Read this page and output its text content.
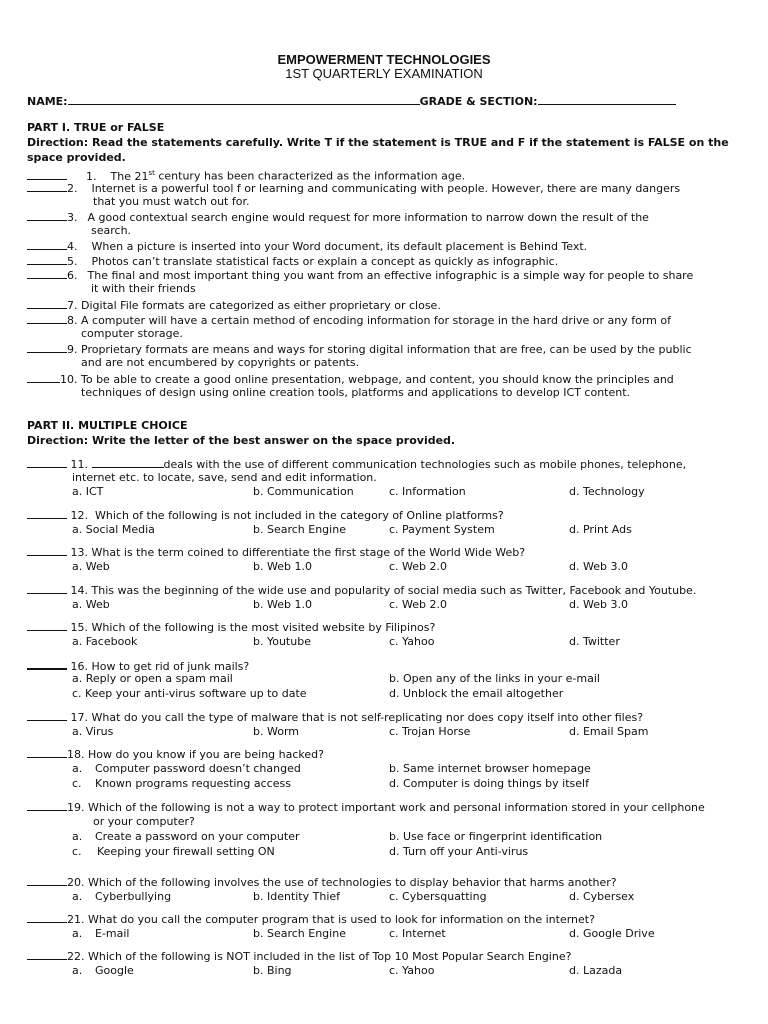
EMPOWERMENT TECHNOLOGIES
1ST QUARTERLY EXAMINATION
NAME:	GRADE & SECTION:
PART I. TRUE or FALSE
Direction: Read the statements carefully. Write T if the statement is TRUE and F if the statement is FALSE on the space provided.
1. The 21st century has been characterized as the information age.
2. Internet is a powerful tool f or learning and communicating with people. However, there are many dangers
that you must watch out for.
3. A good contextual search engine would request for more information to narrow down the result of the
search.
4. When a picture is inserted into your Word document, its default placement is Behind Text.
5. Photos can’t translate statistical facts or explain a concept as quickly as infographic.
6. The final and most important thing you want from an effective infographic is a simple way for people to share
it with their friends
7. Digital File formats are categorized as either proprietary or close.
8. A computer will have a certain method of encoding information for storage in the hard drive or any form of
computer storage.
9. Proprietary formats are means and ways for storing digital information that are free, can be used by the public
and are not encumbered by copyrights or patents.
10. To be able to create a good online presentation, webpage, and content, you should know the principles and
techniques of design using online creation tools, platforms and applications to develop ICT content.
PART II. MULTIPLE CHOICE
Direction: Write the letter of the best answer on the space provided.
11.	deals with the use of different communication technologies such as mobile phones, telephone,
internet etc. to locate, save, send and edit information.
a. ICT	b. Communication	c. Information	d. Technology
12. Which of the following is not included in the category of Online platforms?
a. Social Media	b. Search Engine	c. Payment System	d. Print Ads
13. What is the term coined to differentiate the first stage of the World Wide Web?
a. Web	b. Web 1.0	c. Web 2.0	d. Web 3.0
14. This was the beginning of the wide use and popularity of social media such as Twitter, Facebook and Youtube.
a. Web	b. Web 1.0	c. Web 2.0	d. Web 3.0
15. Which of the following is the most visited website by Filipinos?
a. Facebook	b. Youtube	c. Yahoo	d. Twitter
16. How to get rid of junk mails?
a. Reply or open a spam mail	b. Open any of the links in your e-mail
c. Keep your anti-virus software up to date	d. Unblock the email altogether
17. What do you call the type of malware that is not self-replicating nor does copy itself into other files?
a. Virus	b. Worm	c. Trojan Horse	d. Email Spam
18. How do you know if you are being hacked?
a. Computer password doesn’t changed	b. Same internet browser homepage
c. Known programs requesting access	d. Computer is doing things by itself
19. Which of the following is not a way to protect important work and personal information stored in your cellphone
or your computer?
a. Create a password on your computer	b. Use face or fingerprint identification
c. Keeping your firewall setting ON	d. Turn off your Anti-virus
20. Which of the following involves the use of technologies to display behavior that harms another?
a. Cyberbullying	b. Identity Thief	c. Cybersquatting	d. Cybersex
21. What do you call the computer program that is used to look for information on the internet?
a. E-mail	b. Search Engine	c. Internet	d. Google Drive
22. Which of the following is NOT included in the list of Top 10 Most Popular Search Engine?
a. Google	b. Bing	c. Yahoo	d. Lazada
